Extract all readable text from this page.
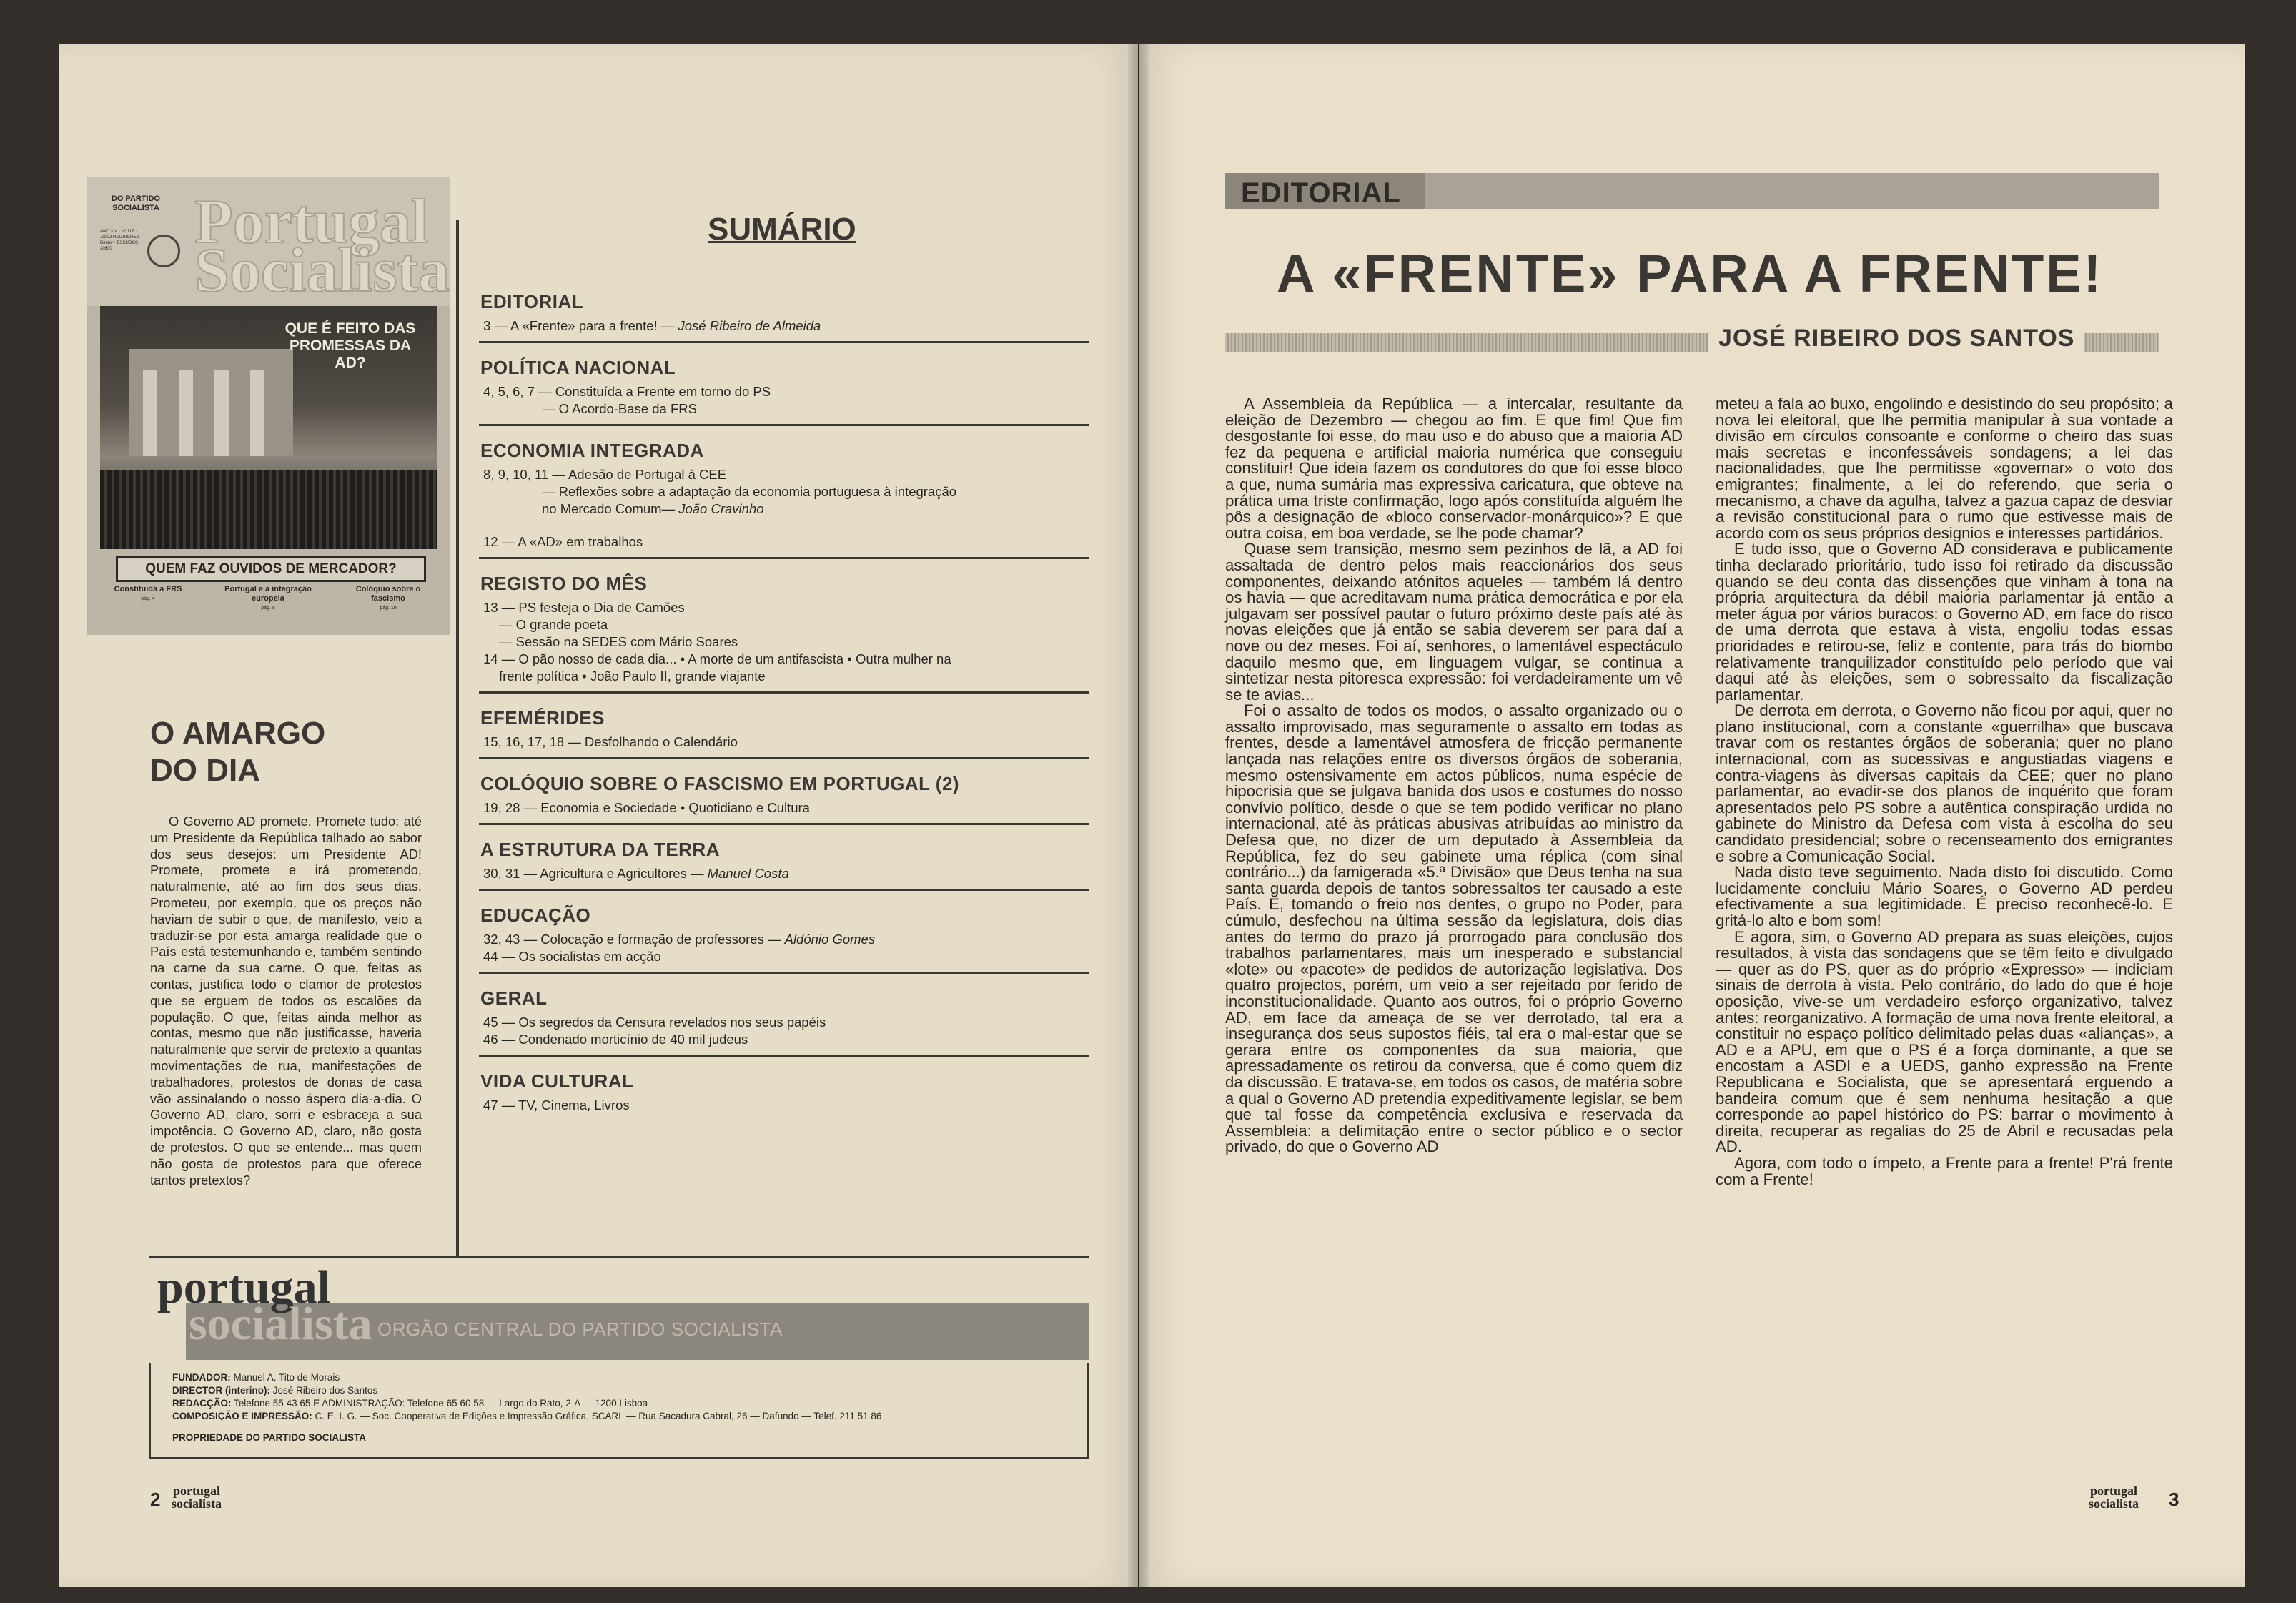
DO PARTIDO SOCIALISTA
ANO XIV · Nº 117 · JOÃO RODRIGUES Diretor · ESCUDOS 20$00	Portugal
Socialista
QUE É FEITO DAS PROMESSAS DA AD?
QUEM FAZ OUVIDOS DE MERCADOR?
Constituída a FRS
pág. 4
Portugal e a integração europeia
pág. 8
Colóquio sobre o fascismo
pág. 19
O AMARGO
DO DIA

O Governo AD promete. Promete tudo: até um Presidente da República talhado ao sabor dos seus desejos: um Presidente AD! Promete, promete e irá prometendo, naturalmente, até ao fim dos seus dias. Prometeu, por exemplo, que os preços não haviam de subir o que, de manifesto, veio a traduzir-se por esta amarga realidade que o País está testemunhando e, também sentindo na carne da sua carne. O que, feitas as contas, justifica todo o clamor de protestos que se erguem de todos os escalões da população. O que, feitas ainda melhor as contas, mesmo que não justificasse, haveria naturalmente que servir de pretexto a quantas movimentações de rua, manifestações de trabalhadores, protestos de donas de casa vão assinalando o nosso áspero dia-a-dia. O Governo AD, claro, sorri e esbraceja a sua impotência. O Governo AD, claro, não gosta de protestos. O que se entende... mas quem não gosta de protestos para que oferece tantos pretextos?

SUMÁRIO
EDITORIAL
3 — A «Frente» para a frente! — José Ribeiro de Almeida
POLÍTICA NACIONAL
4, 5, 6, 7 — Constituída a Frente em torno do PS
— O Acordo-Base da FRS
ECONOMIA INTEGRADA
8, 9, 10, 11 — Adesão de Portugal à CEE
— Reflexões sobre a adaptação da economia portuguesa à integração
no Mercado Comum— João Cravinho
12 — A «AD» em trabalhos
REGISTO DO MÊS
13 — PS festeja o Dia de Camões
— O grande poeta
— Sessão na SEDES com Mário Soares
14 — O pão nosso de cada dia... • A morte de um antifascista • Outra mulher na
frente política • João Paulo II, grande viajante
EFEMÉRIDES
15, 16, 17, 18 — Desfolhando o Calendário
COLÓQUIO SOBRE O FASCISMO EM PORTUGAL (2)
19, 28 — Economia e Sociedade • Quotidiano e Cultura
A ESTRUTURA DA TERRA
30, 31 — Agricultura e Agricultores — Manuel Costa
EDUCAÇÃO
32, 43 — Colocação e formação de professores — Aldónio Gomes
44 — Os socialistas em acção
GERAL
45 — Os segredos da Censura revelados nos seus papéis
46 — Condenado morticínio de 40 mil judeus
VIDA CULTURAL
47 — TV, Cinema, Livros
portugal
socialista ORGÃO CENTRAL DO PARTIDO SOCIALISTA
FUNDADOR: Manuel A. Tito de Morais
DIRECTOR (interino): José Ribeiro dos Santos
REDACÇÃO: Telefone 55 43 65 E ADMINISTRAÇÃO: Telefone 65 60 58 — Largo do Rato, 2-A — 1200 Lisboa
COMPOSIÇÃO E IMPRESSÃO: C. E. I. G. — Soc. Cooperativa de Edições e Impressão Gráfica, SCARL — Rua Sacadura Cabral, 26 — Dafundo — Telef. 211 51 86
PROPRIEDADE DO PARTIDO SOCIALISTA
2 portugal
socialista
portugal
socialista 3
EDITORIAL
A «FRENTE» PARA A FRENTE!
JOSÉ RIBEIRO DOS SANTOS

A Assembleia da República — a intercalar, resultante da eleição de Dezembro — chegou ao fim. E que fim! Que fim desgostante foi esse, do mau uso e do abuso que a maioria AD fez da pequena e artificial maioria numérica que conseguiu constituir! Que ideia fazem os condutores do que foi esse bloco a que, numa sumária mas expressiva caricatura, que obteve na prática uma triste confirmação, logo após constituída alguém lhe pôs a designação de «bloco conservador-monárquico»? E que outra coisa, em boa verdade, se lhe pode chamar?

Quase sem transição, mesmo sem pezinhos de lã, a AD foi assaltada de dentro pelos mais reaccionários dos seus componentes, deixando atónitos aqueles — também lá dentro os havia — que acreditavam numa prática democrática e por ela julgavam ser possível pautar o futuro próximo deste país até às novas eleições que já então se sabia deverem ser para daí a nove ou dez meses. Foi aí, senhores, o lamentável espectáculo daquilo mesmo que, em linguagem vulgar, se continua a sintetizar nesta pitoresca expressão: foi verdadeiramente um vê se te avias...

Foi o assalto de todos os modos, o assalto organizado ou o assalto improvisado, mas seguramente o assalto em todas as frentes, desde a lamentável atmosfera de fricção permanente lançada nas relações entre os diversos órgãos de soberania, mesmo ostensivamente em actos públicos, numa espécie de hipocrisia que se julgava banida dos usos e costumes do nosso convívio político, desde o que se tem podido verificar no plano internacional, até às práticas abusivas atribuídas ao ministro da Defesa que, no dizer de um deputado à Assembleia da República, fez do seu gabinete uma réplica (com sinal contrário...) da famigerada «5.ª Divisão» que Deus tenha na sua santa guarda depois de tantos sobressaltos ter causado a este País. E, tomando o freio nos dentes, o grupo no Poder, para cúmulo, desfechou na última sessão da legislatura, dois dias antes do termo do prazo já prorrogado para conclusão dos trabalhos parlamentares, mais um inesperado e substancial «lote» ou «pacote» de pedidos de autorização legislativa. Dos quatro projectos, porém, um veio a ser rejeitado por ferido de inconstitucionalidade. Quanto aos outros, foi o próprio Governo AD, em face da ameaça de se ver derrotado, tal era a insegurança dos seus supostos fiéis, tal era o mal-estar que se gerara entre os componentes da sua maioria, que apressadamente os retirou da conversa, que é como quem diz da discussão. E tratava-se, em todos os casos, de matéria sobre a qual o Governo AD pretendia expeditivamente legislar, se bem que tal fosse da competência exclusiva e reservada da Assembleia: a delimitação entre o sector público e o sector privado, do que o Governo AD

meteu a fala ao buxo, engolindo e desistindo do seu propósito; a nova lei eleitoral, que lhe permitia manipular à sua vontade a divisão em círculos consoante e conforme o cheiro das suas mais secretas e inconfessáveis sondagens; a lei das nacionalidades, que lhe permitisse «governar» o voto dos emigrantes; finalmente, a lei do referendo, que seria o mecanismo, a chave da agulha, talvez a gazua capaz de desviar a revisão constitucional para o rumo que estivesse mais de acordo com os seus próprios designios e interesses partidários.

E tudo isso, que o Governo AD considerava e publicamente tinha declarado prioritário, tudo isso foi retirado da discussão quando se deu conta das dissenções que vinham à tona na própria arquitectura da débil maioria parlamentar já então a meter água por vários buracos: o Governo AD, em face do risco de uma derrota que estava à vista, engoliu todas essas prioridades e retirou-se, feliz e contente, para trás do biombo relativamente tranquilizador constituído pelo período que vai daqui até às eleições, sem o sobressalto da fiscalização parlamentar.

De derrota em derrota, o Governo não ficou por aqui, quer no plano institucional, com a constante «guerrilha» que buscava travar com os restantes órgãos de soberania; quer no plano internacional, com as sucessivas e angustiadas viagens e contra-viagens às diversas capitais da CEE; quer no plano parlamentar, ao evadir-se dos planos de inquérito que foram apresentados pelo PS sobre a autêntica conspiração urdida no gabinete do Ministro da Defesa com vista à escolha do seu candidato presidencial; sobre o recenseamento dos emigrantes e sobre a Comunicação Social.

Nada disto teve seguimento. Nada disto foi discutido. Como lucidamente concluiu Mário Soares, o Governo AD perdeu efectivamente a sua legitimidade. É preciso reconhecê-lo. E gritá-lo alto e bom som!

E agora, sim, o Governo AD prepara as suas eleições, cujos resultados, à vista das sondagens que se têm feito e divulgado — quer as do PS, quer as do próprio «Expresso» — indiciam sinais de derrota à vista. Pelo contrário, do lado do que é hoje oposição, vive-se um verdadeiro esforço organizativo, talvez antes: reorganizativo. A formação de uma nova frente eleitoral, a constituir no espaço político delimitado pelas duas «alianças», a AD e a APU, em que o PS é a força dominante, a que se encostam a ASDI e a UEDS, ganho expressão na Frente Republicana e Socialista, que se apresentará erguendo a bandeira comum que é sem nenhuma hesitação a que corresponde ao papel histórico do PS: barrar o movimento à direita, recuperar as regalias do 25 de Abril e recusadas pela AD.

Agora, com todo o ímpeto, a Frente para a frente! P'rá frente com a Frente!
